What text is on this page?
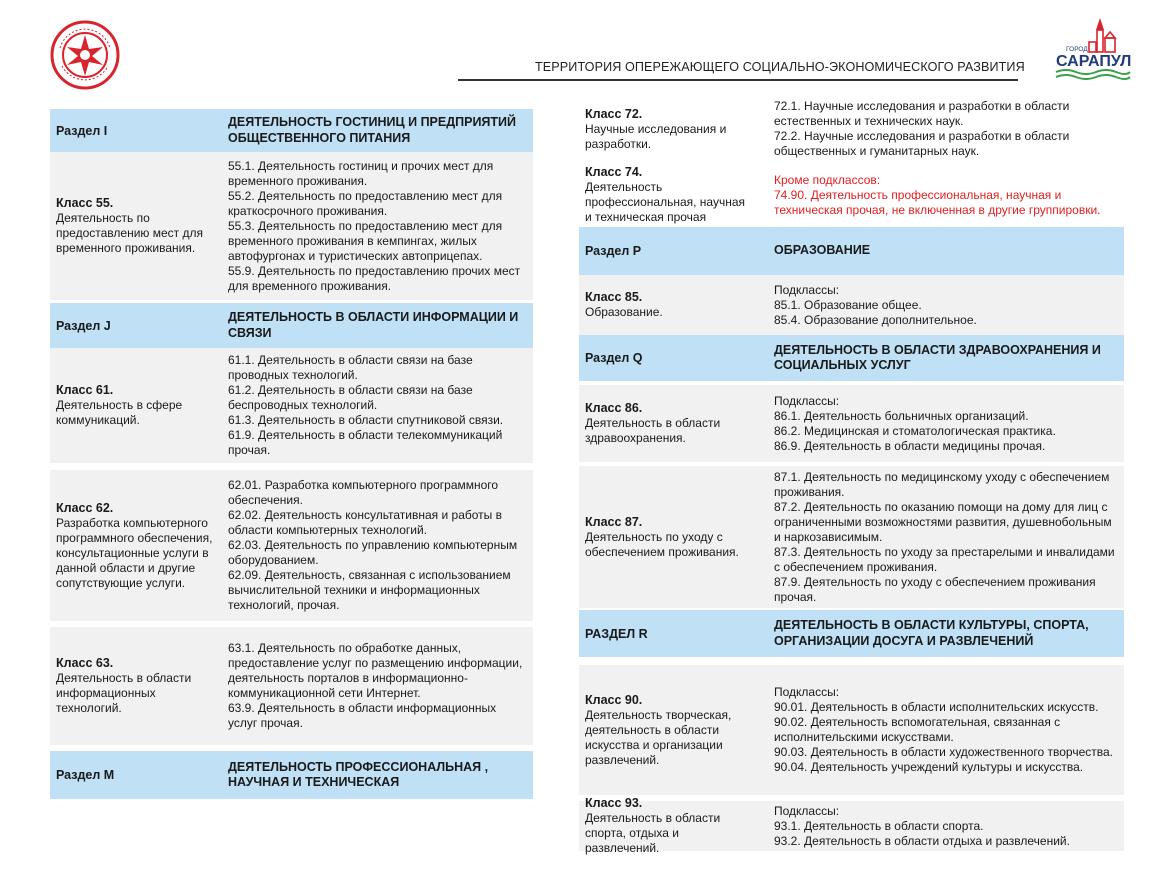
ГОРОД
САРАПУЛ
ТЕРРИТОРИЯ ОПЕРЕЖАЮЩЕГО СОЦИАЛЬНО-ЭКОНОМИЧЕСКОГО РАЗВИТИЯ
Раздел I
ДЕЯТЕЛЬНОСТЬ ГОСТИНИЦ И ПРЕДПРИЯТИЙ ОБЩЕСТВЕННОГО ПИТАНИЯ
Класс 55.
Деятельность по предоставлению мест для временного проживания.
55.1. Деятельность гостиниц и прочих мест для временного проживания.
55.2. Деятельность по предоставлению мест для краткосрочного проживания.
55.3. Деятельность по предоставлению мест для временного проживания в кемпингах, жилых автофургонах и туристических автоприцепах.
55.9. Деятельность по предоставлению прочих мест для временного проживания.
Раздел J
ДЕЯТЕЛЬНОСТЬ В ОБЛАСТИ ИНФОРМАЦИИ И СВЯЗИ
Класс 61.
Деятельность в сфере коммуникаций.
61.1. Деятельность в области связи на базе проводных технологий.
61.2. Деятельность в области связи на базе беспроводных технологий.
61.3. Деятельность в области спутниковой связи.
61.9. Деятельность в области телекоммуникаций прочая.
Класс 62.
Разработка компьютерного программного обеспечения, консультационные услуги в данной области и другие сопутствующие услуги.
62.01. Разработка компьютерного программного обеспечения.
62.02. Деятельность консультативная и работы в области компьютерных технологий.
62.03. Деятельность по управлению компьютерным оборудованием.
62.09. Деятельность, связанная с использованием вычислительной техники и информационных технологий, прочая.
Класс 63.
Деятельность в области информационных технологий.
63.1. Деятельность по обработке данных, предоставление услуг по размещению информации, деятельность порталов в информационно-коммуникационной сети Интернет.
63.9. Деятельность в области информационных услуг прочая.
Раздел M
ДЕЯТЕЛЬНОСТЬ ПРОФЕССИОНАЛЬНАЯ , НАУЧНАЯ И ТЕХНИЧЕСКАЯ
Класс 72.
Научные исследования и разработки.
72.1. Научные исследования и разработки в области естественных и технических наук.
72.2. Научные исследования и разработки в области общественных и гуманитарных наук.
Класс 74.
Деятельность профессиональная, научная и техническая прочая
Кроме подклассов:
74.90. Деятельность профессиональная, научная и техническая прочая, не включенная в другие группировки.
Раздел P	ОБРАЗОВАНИЕ
Класс 85.
Образование.
Подклассы:
85.1. Образование общее.
85.4. Образование дополнительное.
Раздел Q
ДЕЯТЕЛЬНОСТЬ В ОБЛАСТИ ЗДРАВООХРАНЕНИЯ И СОЦИАЛЬНЫХ УСЛУГ
Класс 86.
Деятельность в области здравоохранения.
Подклассы:
86.1. Деятельность больничных организаций.
86.2. Медицинская и стоматологическая практика.
86.9. Деятельность в области медицины прочая.
Класс 87.
Деятельность по уходу с обеспечением проживания.
87.1. Деятельность по медицинскому уходу с обеспечением проживания.
87.2. Деятельность по оказанию помощи на дому для лиц с ограниченными возможностями развития, душевнобольным и наркозависимым.
87.3. Деятельность по уходу за престарелыми и инвалидами с обеспечением проживания.
87.9. Деятельность по уходу с обеспечением проживания прочая.
РАЗДЕЛ R
ДЕЯТЕЛЬНОСТЬ В ОБЛАСТИ КУЛЬТУРЫ, СПОРТА, ОРГАНИЗАЦИИ ДОСУГА И РАЗВЛЕЧЕНИЙ
Класс 90.
Деятельность творческая, деятельность в области искусства и организации развлечений.
Подклассы:
90.01. Деятельность в области исполнительских искусств.
90.02. Деятельность вспомогательная, связанная с исполнительскими искусствами.
90.03. Деятельность в области художественного творчества.
90.04. Деятельность учреждений культуры и искусства.
Класс 93.
Деятельность в области спорта, отдыха и развлечений.
Подклассы:
93.1. Деятельность в области спорта.
93.2. Деятельность в области отдыха и развлечений.
